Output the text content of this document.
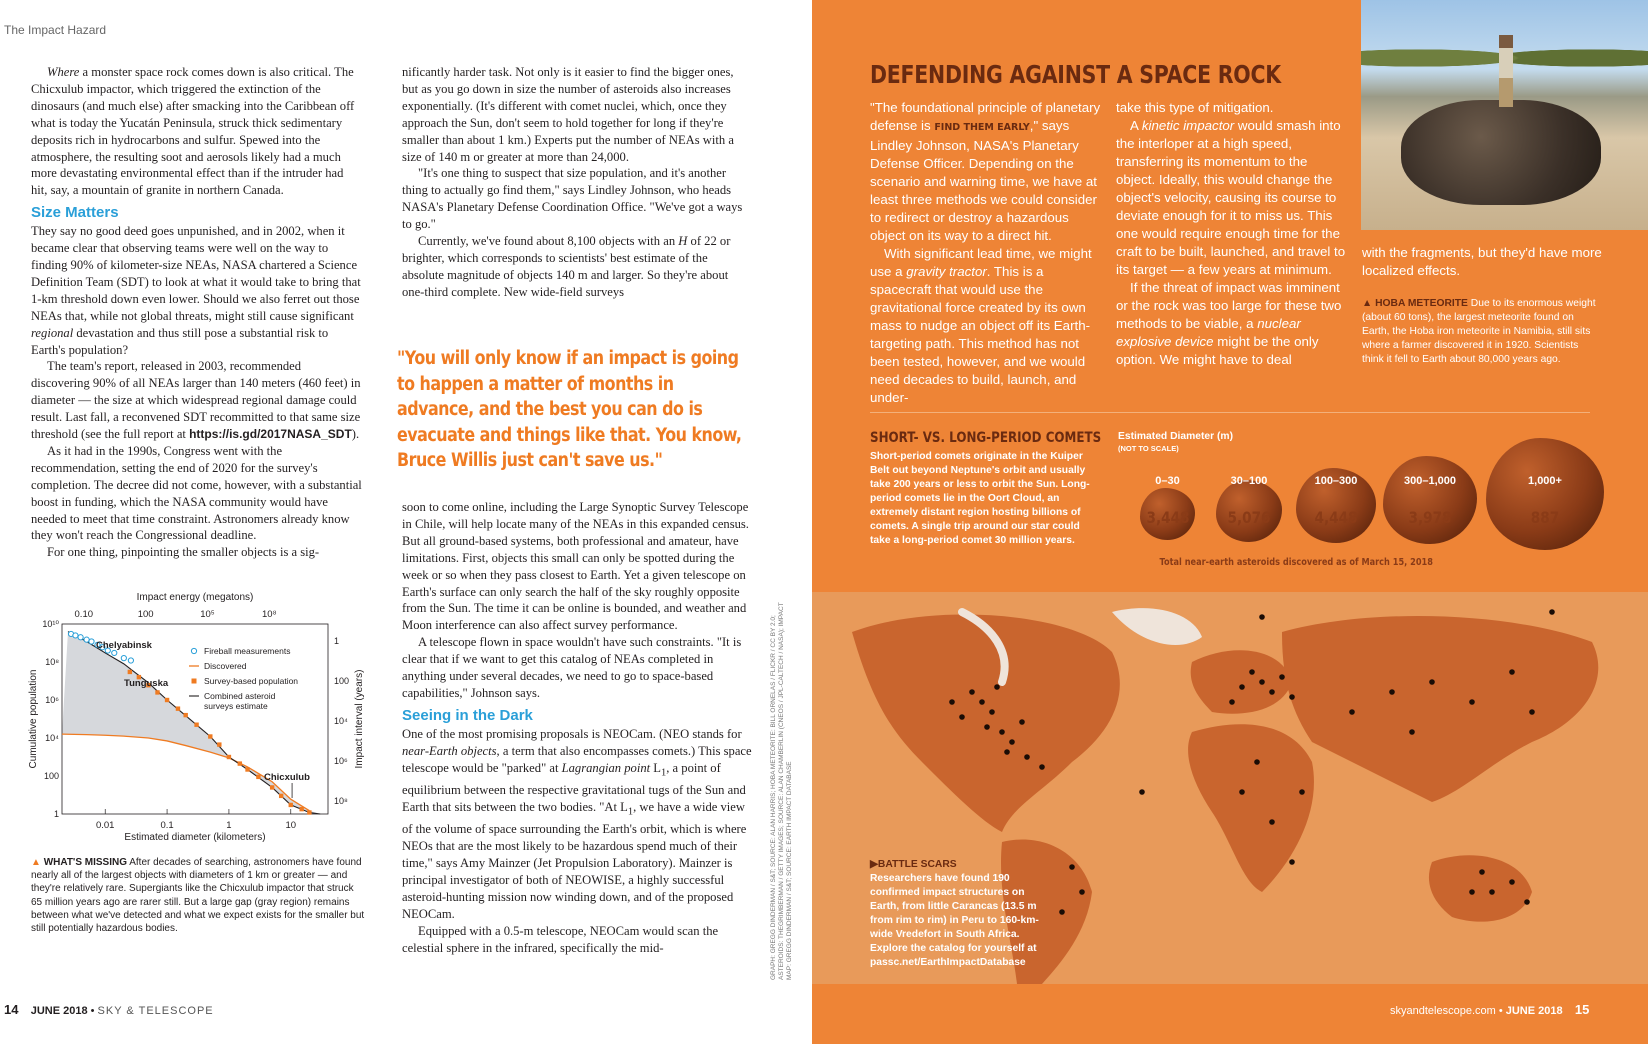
The Impact Hazard

Where a monster space rock comes down is also critical. The Chicxulub impactor, which triggered the extinction of the dinosaurs (and much else) after smacking into the Caribbean off what is today the Yucatán Peninsula, struck thick sedimentary deposits rich in hydrocarbons and sulfur. Spewed into the atmosphere, the resulting soot and aerosols likely had a much more devastating environmental effect than if the intruder had hit, say, a mountain of granite in northern Canada.

Size Matters

They say no good deed goes unpunished, and in 2002, when it became clear that observing teams were well on the way to finding 90% of kilometer-size NEAs, NASA chartered a Science Definition Team (SDT) to look at what it would take to bring that 1-km threshold down even lower. Should we also ferret out those NEAs that, while not global threats, might still cause significant regional devastation and thus still pose a substantial risk to Earth's population?

The team's report, released in 2003, recommended discovering 90% of all NEAs larger than 140 meters (460 feet) in diameter — the size at which widespread regional damage could result. Last fall, a reconvened SDT recommitted to that same size threshold (see the full report at https://is.gd/2017NASA_SDT).

As it had in the 1990s, Congress went with the recommendation, setting the end of 2020 for the survey's completion. The decree did not come, however, with a substantial boost in funding, which the NASA community would have needed to meet that time constraint. Astronomers already know they won't reach the Congressional deadline.

For one thing, pinpointing the smaller objects is a sig-

Impact energy (megatons)
0.10	100	10⁵	10⁸
0.01	0.1	1	10
Estimated diameter (kilometers)
10¹⁰
10⁸
10⁶
10⁴
100
1
Cumulative population
1
100
10⁴
10⁶
10⁸
Impact interval (years)
Chelyabinsk
Tunguska
Chicxulub
Fireball measurements
Discovered
Survey-based population
Combined asteroid
surveys estimate
▲ WHAT'S MISSING After decades of searching, astronomers have found nearly all of the largest objects with diameters of 1 km or greater — and they're relatively rare. Supergiants like the Chicxulub impactor that struck 65 million years ago are rarer still. But a large gap (gray region) remains between what we've detected and what we expect exists for the smaller but still potentially hazardous bodies.
14 JUNE 2018 • SKY & TELESCOPE

nificantly harder task. Not only is it easier to find the bigger ones, but as you go down in size the number of asteroids also increases exponentially. (It's different with comet nuclei, which, once they approach the Sun, don't seem to hold together for long if they're smaller than about 1 km.) Experts put the number of NEAs with a size of 140 m or greater at more than 24,000.

"It's one thing to suspect that size population, and it's another thing to actually go find them," says Lindley Johnson, who heads NASA's Planetary Defense Coordination Office. "We've got a ways to go."

Currently, we've found about 8,100 objects with an H of 22 or brighter, which corresponds to scientists' best estimate of the absolute magnitude of objects 140 m and larger. So they're about one-third complete. New wide-field surveys

"You will only know if an impact is going to happen a matter of months in advance, and the best you can do is evacuate and things like that. You know, Bruce Willis just can't save us."

soon to come online, including the Large Synoptic Survey Telescope in Chile, will help locate many of the NEAs in this expanded census. But all ground-based systems, both professional and amateur, have limitations. First, objects this small can only be spotted during the week or so when they pass closest to Earth. Yet a given telescope on Earth's surface can only search the half of the sky roughly opposite from the Sun. The time it can be online is bounded, and weather and Moon interference can also affect survey performance.

A telescope flown in space wouldn't have such constraints. "It is clear that if we want to get this catalog of NEAs completed in anything under several decades, we need to go to space-based capabilities," Johnson says.

Seeing in the Dark

One of the most promising proposals is NEOCam. (NEO stands for near-Earth objects, a term that also encompasses comets.) This space telescope would be "parked" at Lagrangian point $L_1$, a point of equilibrium between the respective gravitational tugs of the Sun and Earth that sits between the two bodies. "At $L_1$, we have a wide view of the volume of space surrounding the Earth's orbit, which is where NEOs that are the most likely to be hazardous spend much of their time," says Amy Mainzer (Jet Propulsion Laboratory). Mainzer is principal investigator of both of NEOWISE, a highly successful asteroid-hunting mission now winding down, and of the proposed NEOCam.

Equipped with a 0.5-m telescope, NEOCam would scan the celestial sphere in the infrared, specifically the mid-	GRAPH: GREGG DINDERMAN / S&T; SOURCE: ALAN HARRIS; HOBA METEORITE: BILL ORNELAS / FLICKR / CC BY 2.0; ASTEROIDS: THEGRIMBERMAN / GETTY IMAGES; SOURCE: ALAN CHAMBERLIN (CNEOS / JPL-CALTECH / NASA); IMPACT MAP: GREGG DINDERMAN / S&T; SOURCE: EARTH IMPACT DATABASE
DEFENDING AGAINST A SPACE ROCK

"The foundational principle of planetary defense is FIND THEM EARLY," says Lindley Johnson, NASA's Planetary Defense Officer. Depending on the scenario and warning time, we have at least three methods we could consider to redirect or destroy a hazardous object on its way to a direct hit.

With significant lead time, we might use a gravity tractor. This is a spacecraft that would use the gravitational force created by its own mass to nudge an object off its Earth-targeting path. This method has not been tested, however, and we would need decades to build, launch, and under-

take this type of mitigation.

A kinetic impactor would smash into the interloper at a high speed, transferring its momentum to the object. Ideally, this would change the object's velocity, causing its course to deviate enough for it to miss us. This one would require enough time for the craft to be built, launched, and travel to its target — a few years at minimum.

If the threat of impact was imminent or the rock was too large for these two methods to be viable, a nuclear explosive device might be the only option. We might have to deal

with the fragments, but they'd have more localized effects.
▲ HOBA METEORITE Due to its enormous weight (about 60 tons), the largest meteorite found on Earth, the Hoba iron meteorite in Namibia, still sits where a farmer discovered it in 1920. Scientists think it fell to Earth about 80,000 years ago.
SHORT- VS. LONG-PERIOD COMETS
Short-period comets originate in the Kuiper Belt out beyond Neptune's orbit and usually take 200 years or less to orbit the Sun. Long-period comets lie in the Oort Cloud, an extremely distant region hosting billions of comets. A single trip around our star could take a long-period comet 30 million years.
Estimated Diameter (m)
(NOT TO SCALE)
0–30
3,448
30–100
5,076
100–300
4,448
300–1,000
3,978
1,000+
887
Total near-earth asteroids discovered as of March 15, 2018
▶BATTLE SCARS
Researchers have found 190 confirmed impact structures on Earth, from little Carancas (13.5 m from rim to rim) in Peru to 160-km-wide Vredefort in South Africa. Explore the catalog for yourself at passc.net/EarthImpactDatabase
skyandtelescope.com • JUNE 2018 15
